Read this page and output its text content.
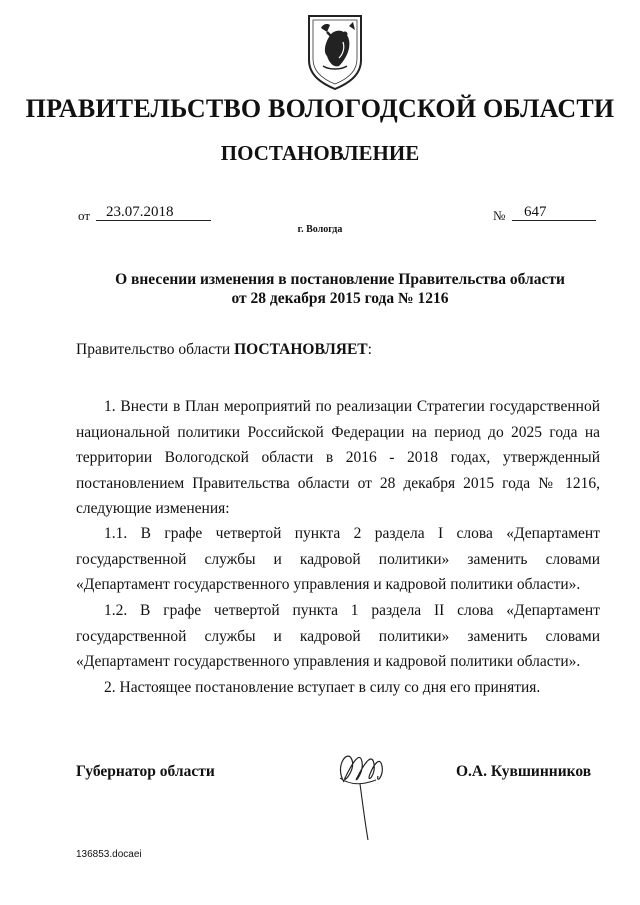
ПРАВИТЕЛЬСТВО ВОЛОГОДСКОЙ ОБЛАСТИ
ПОСТАНОВЛЕНИЕ
от	23.07.2018	№	647
г. Вологда
О внесении изменения в постановление Правительства области
от 28 декабря 2015 года № 1216
Правительство области ПОСТАНОВЛЯЕТ:

1. Внести в План мероприятий по реализации Стратегии государственной национальной политики Российской Федерации на период до 2025 года на территории Вологодской области в 2016 - 2018 годах, утвержденный постановлением Правительства области от 28 декабря 2015 года № 1216, следующие изменения:

1.1. В графе четвертой пункта 2 раздела I слова «Департамент государственной службы и кадровой политики» заменить словами «Департамент государственного управления и кадровой политики области».

1.2. В графе четвертой пункта 1 раздела II слова «Департамент государственной службы и кадровой политики» заменить словами «Департамент государственного управления и кадровой политики области».

2. Настоящее постановление вступает в силу со дня его принятия.

Губернатор области	О.А. Кувшинников
136853.docaei
